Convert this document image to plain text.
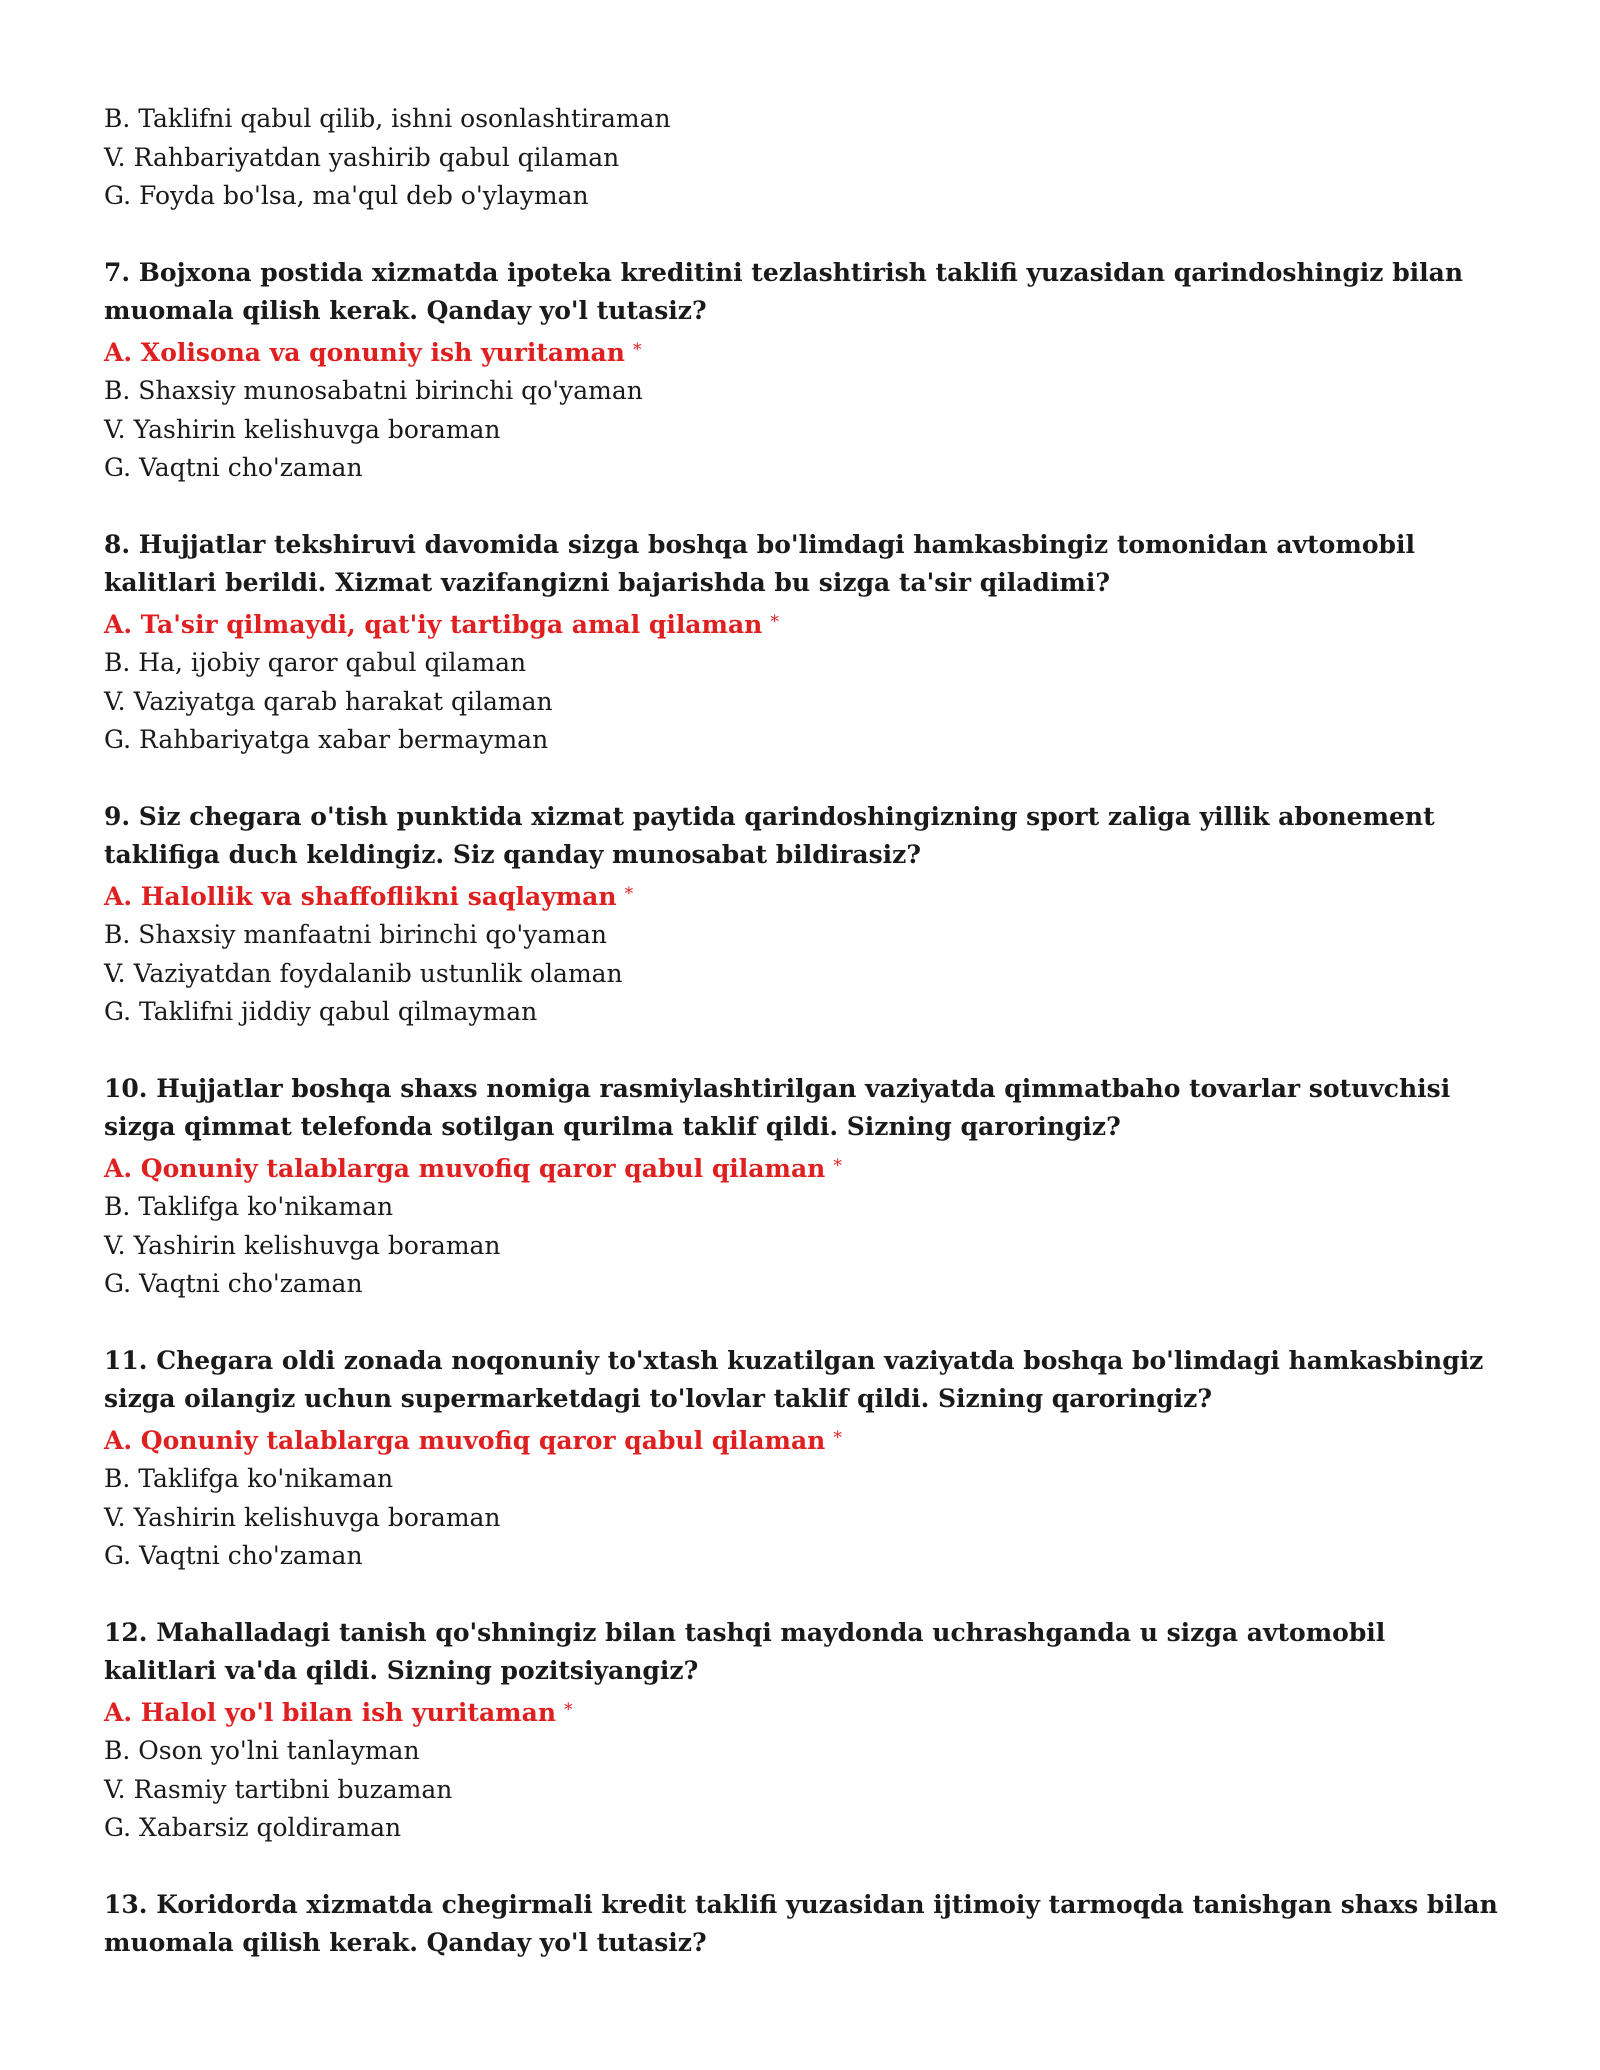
B. Taklifni qabul qilib, ishni osonlashtiraman
V. Rahbariyatdan yashirib qabul qilaman
G. Foyda bo'lsa, ma'qul deb o'ylayman
7. Bojxona postida xizmatda ipoteka kreditini tezlashtirish taklifi yuzasidan qarindoshingiz bilan muomala qilish kerak. Qanday yo'l tutasiz?
A. Xolisona va qonuniy ish yuritaman *
B. Shaxsiy munosabatni birinchi qo'yaman
V. Yashirin kelishuvga boraman
G. Vaqtni cho'zaman
8. Hujjatlar tekshiruvi davomida sizga boshqa bo'limdagi hamkasbingiz tomonidan avtomobil kalitlari berildi. Xizmat vazifangizni bajarishda bu sizga ta'sir qiladimi?
A. Ta'sir qilmaydi, qat'iy tartibga amal qilaman *
B. Ha, ijobiy qaror qabul qilaman
V. Vaziyatga qarab harakat qilaman
G. Rahbariyatga xabar bermayman
9. Siz chegara o'tish punktida xizmat paytida qarindoshingizning sport zaliga yillik abonement taklifiga duch keldingiz. Siz qanday munosabat bildirasiz?
A. Halollik va shaffoflikni saqlayman *
B. Shaxsiy manfaatni birinchi qo'yaman
V. Vaziyatdan foydalanib ustunlik olaman
G. Taklifni jiddiy qabul qilmayman
10. Hujjatlar boshqa shaxs nomiga rasmiylashtirilgan vaziyatda qimmatbaho tovarlar sotuvchisi sizga qimmat telefonda sotilgan qurilma taklif qildi. Sizning qaroringiz?
A. Qonuniy talablarga muvofiq qaror qabul qilaman *
B. Taklifga ko'nikaman
V. Yashirin kelishuvga boraman
G. Vaqtni cho'zaman
11. Chegara oldi zonada noqonuniy to'xtash kuzatilgan vaziyatda boshqa bo'limdagi hamkasbingiz sizga oilangiz uchun supermarketdagi to'lovlar taklif qildi. Sizning qaroringiz?
A. Qonuniy talablarga muvofiq qaror qabul qilaman *
B. Taklifga ko'nikaman
V. Yashirin kelishuvga boraman
G. Vaqtni cho'zaman
12. Mahalladagi tanish qo'shningiz bilan tashqi maydonda uchrashganda u sizga avtomobil kalitlari va'da qildi. Sizning pozitsiyangiz?
A. Halol yo'l bilan ish yuritaman *
B. Oson yo'lni tanlayman
V. Rasmiy tartibni buzaman
G. Xabarsiz qoldiraman
13. Koridorda xizmatda chegirmali kredit taklifi yuzasidan ijtimoiy tarmoqda tanishgan shaxs bilan muomala qilish kerak. Qanday yo'l tutasiz?
